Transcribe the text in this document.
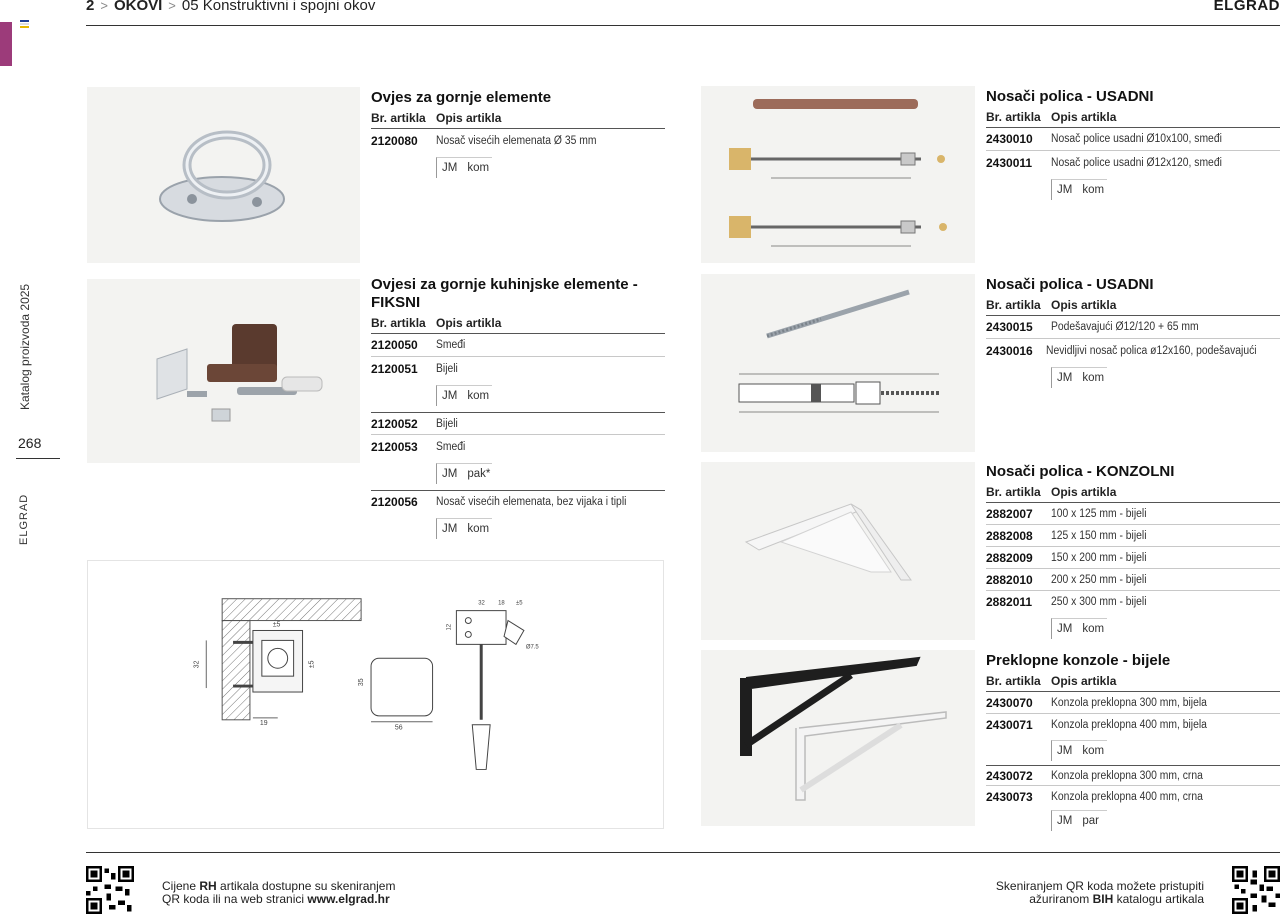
Katalog proizvoda 2025
268
ELGRAD
2 > OKOVI > 05 Konstruktivni i spojni okov	ELGRAD
32
±5
±5
19
56
35
32 18 ±5
12
Ø7.5
Ovjes za gornje elemente
Br. artikla Opis artikla
2120080	Nosač visećih elemenata Ø 35 mm
JM kom
Ovjesi za gornje kuhinjske elemente - FIKSNI
Br. artikla Opis artikla
2120050	Smeđi
2120051	Bijeli
JM kom
2120052	Bijeli
2120053	Smeđi
JM pak*
2120056	Nosač visećih elemenata, bez vijaka i tipli
JM kom
Nosači polica - USADNI
Br. artikla Opis artikla
2430010	Nosač police usadni Ø10x100, smeđi
2430011	Nosač police usadni Ø12x120, smeđi
JM kom
Nosači polica - USADNI
Br. artikla Opis artikla
2430015	Podešavajući Ø12/120 + 65 mm
2430016	Nevidljivi nosač polica ø12x160, podešavajući
JM kom
Nosači polica - KONZOLNI
Br. artikla Opis artikla
2882007	100 x 125 mm - bijeli
2882008	125 x 150 mm - bijeli
2882009	150 x 200 mm - bijeli
2882010	200 x 250 mm - bijeli
2882011	250 x 300 mm - bijeli
JM kom
Preklopne konzole - bijele
Br. artikla Opis artikla
2430070	Konzola preklopna 300 mm, bijela
2430071	Konzola preklopna 400 mm, bijela
JM kom
2430072	Konzola preklopna 300 mm, crna
2430073	Konzola preklopna 400 mm, crna
JM par
Cijene RH artikala dostupne su skeniranjem
QR koda ili na web stranici www.elgrad.hr
Skeniranjem QR koda možete pristupiti
ažuriranom BIH katalogu artikala
